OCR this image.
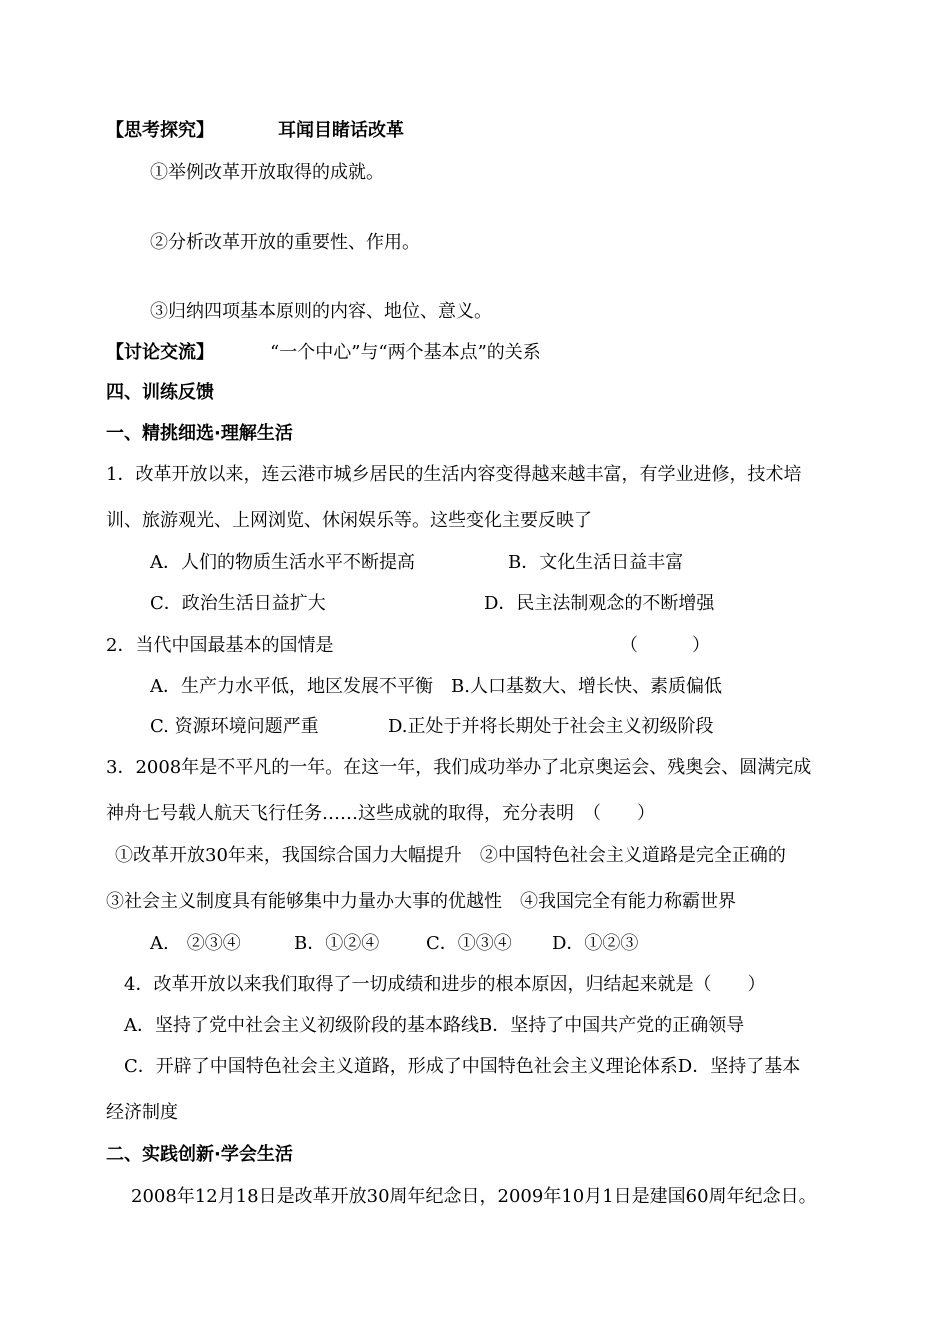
【思考探究】	耳闻目睹话改革
①举例改革开放取得的成就。
②分析改革开放的重要性、作用。
③归纳四项基本原则的内容、地位、意义。
【讨论交流】	“一个中心”与“两个基本点”的关系
四、训练反馈
一、精挑细选·理解生活
1．改革开放以来，连云港市城乡居民的生活内容变得越来越丰富，有学业进修，技术培
训、旅游观光、上网浏览、休闲娱乐等。这些变化主要反映了
A．人们的物质生活水平不断提高	B．文化生活日益丰富
C．政治生活日益扩大	D．民主法制观念的不断增强
2．当代中国最基本的国情是	（　　　）
A．生产力水平低，地区发展不平衡　B.人口基数大、增长快、素质偏低
C. 资源环境问题严重	D.正处于并将长期处于社会主义初级阶段
3．2008年是不平凡的一年。在这一年，我们成功举办了北京奥运会、残奥会、圆满完成
神舟七号载人航天飞行任务……这些成就的取得，充分表明　（　　）
①改革开放30年来，我国综合国力大幅提升　②中国特色社会主义道路是完全正确的
③社会主义制度具有能够集中力量办大事的优越性　④我国完全有能力称霸世界
A.　②③④	B．①②④	C．①③④ D．①②③
4．改革开放以来我们取得了一切成绩和进步的根本原因，归结起来就是（　　）
A．坚持了党中社会主义初级阶段的基本路线B．坚持了中国共产党的正确领导
C．开辟了中国特色社会主义道路，形成了中国特色社会主义理论体系D．坚持了基本
经济制度
二、实践创新·学会生活
2008年12月18日是改革开放30周年纪念日，2009年10月1日是建国60周年纪念日。
